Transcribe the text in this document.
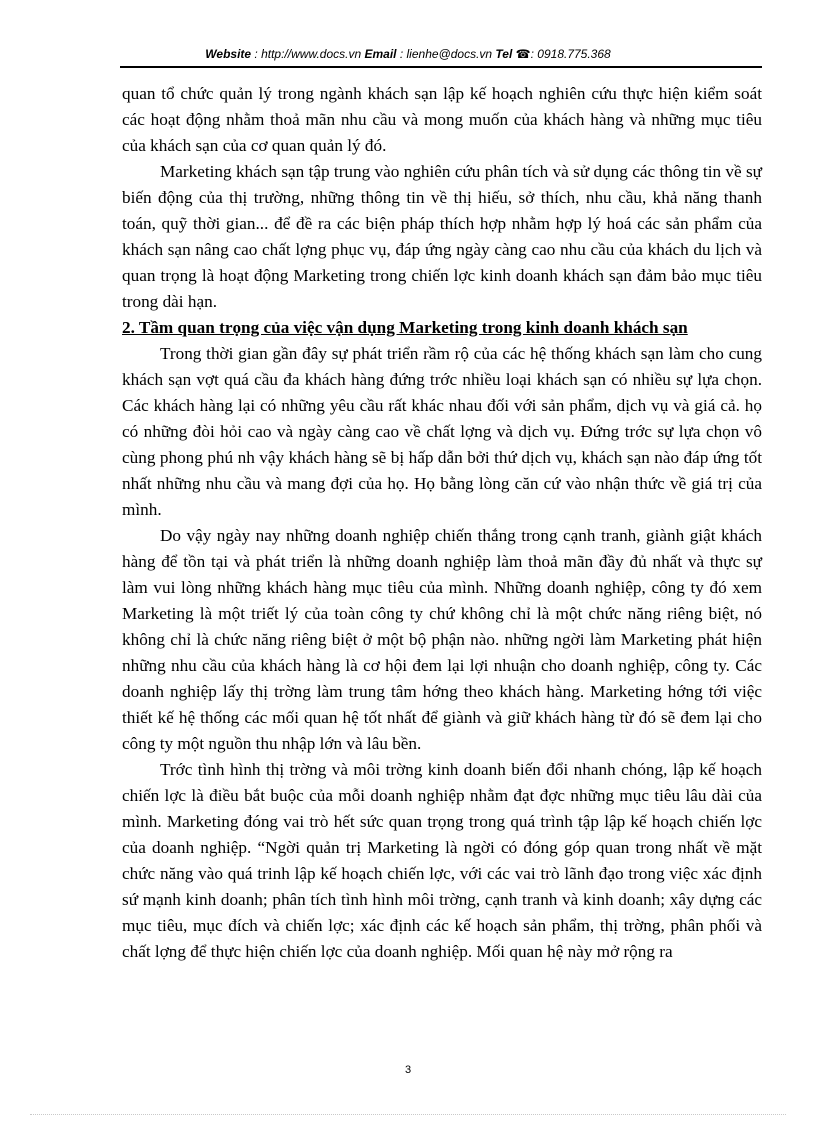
Website : http://www.docs.vn Email : lienhe@docs.vn Tel ☎: 0918.775.368

quan tổ chức quản lý trong ngành khách sạn lập kế hoạch nghiên cứu thực hiện kiểm soát các hoạt động nhằm thoả mãn nhu cầu và mong muốn của khách hàng và những mục tiêu của khách sạn của cơ quan quản lý đó.

Marketing khách sạn tập trung vào nghiên cứu phân tích và sử dụng các thông tin về sự biến động của thị trường, những thông tin về thị hiếu, sở thích, nhu cầu, khả năng thanh toán, quỹ thời gian... để đề ra các biện pháp thích hợp nhằm hợp lý hoá các sản phẩm của khách sạn nâng cao chất lợng phục vụ, đáp ứng ngày càng cao nhu cầu của khách du lịch và quan trọng là hoạt động Marketing trong chiến lợc kinh doanh khách sạn đảm bảo mục tiêu trong dài hạn.

2. Tầm quan trọng của việc vận dụng Marketing trong kinh doanh khách sạn

Trong thời gian gần đây sự phát triển rầm rộ của các hệ thống khách sạn làm cho cung khách sạn vợt quá cầu đa khách hàng đứng trớc nhiều loại khách sạn có nhiều sự lựa chọn. Các khách hàng lại có những yêu cầu rất khác nhau đối với sản phẩm, dịch vụ và giá cả. họ có những đòi hỏi cao và ngày càng cao về chất lợng và dịch vụ. Đứng trớc sự lựa chọn vô cùng phong phú nh vậy khách hàng sẽ bị hấp dẫn bởi thứ dịch vụ, khách sạn nào đáp ứng tốt nhất những nhu cầu và mang đợi của họ. Họ bằng lòng căn cứ vào nhận thức về giá trị của mình.

Do vậy ngày nay những doanh nghiệp chiến thắng trong cạnh tranh, giành giật khách hàng để tồn tại và phát triển là những doanh nghiệp làm thoả mãn đầy đủ nhất và thực sự làm vui lòng những khách hàng mục tiêu của mình. Những doanh nghiệp, công ty đó xem Marketing là một triết lý của toàn công ty chứ không chỉ là một chức năng riêng biệt, nó không chỉ là chức năng riêng biệt ở một bộ phận nào. những ngời làm Marketing phát hiện những nhu cầu của khách hàng là cơ hội đem lại lợi nhuận cho doanh nghiệp, công ty. Các doanh nghiệp lấy thị trờng làm trung tâm hớng theo khách hàng. Marketing hớng tới việc thiết kế hệ thống các mối quan hệ tốt nhất để giành và giữ khách hàng từ đó sẽ đem lại cho công ty một nguồn thu nhập lớn và lâu bền.

Trớc tình hình thị trờng và môi trờng kinh doanh biến đổi nhanh chóng, lập kế hoạch chiến lợc là điều bắt buộc của mỗi doanh nghiệp nhằm đạt đợc những mục tiêu lâu dài của mình. Marketing đóng vai trò hết sức quan trọng trong quá trình tập lập kế hoạch chiến lợc của doanh nghiệp. “Ngời quản trị Marketing là ngời có đóng góp quan trong nhất về mặt chức năng vào quá trinh lập kế hoạch chiến lợc, với các vai trò lãnh đạo trong việc xác định sứ mạnh kinh doanh; phân tích tình hình môi trờng, cạnh tranh và kinh doanh; xây dựng các mục tiêu, mục đích và chiến lợc; xác định các kế hoạch sản phẩm, thị trờng, phân phối và chất lợng để thực hiện chiến lợc của doanh nghiệp. Mối quan hệ này mở rộng ra

3
